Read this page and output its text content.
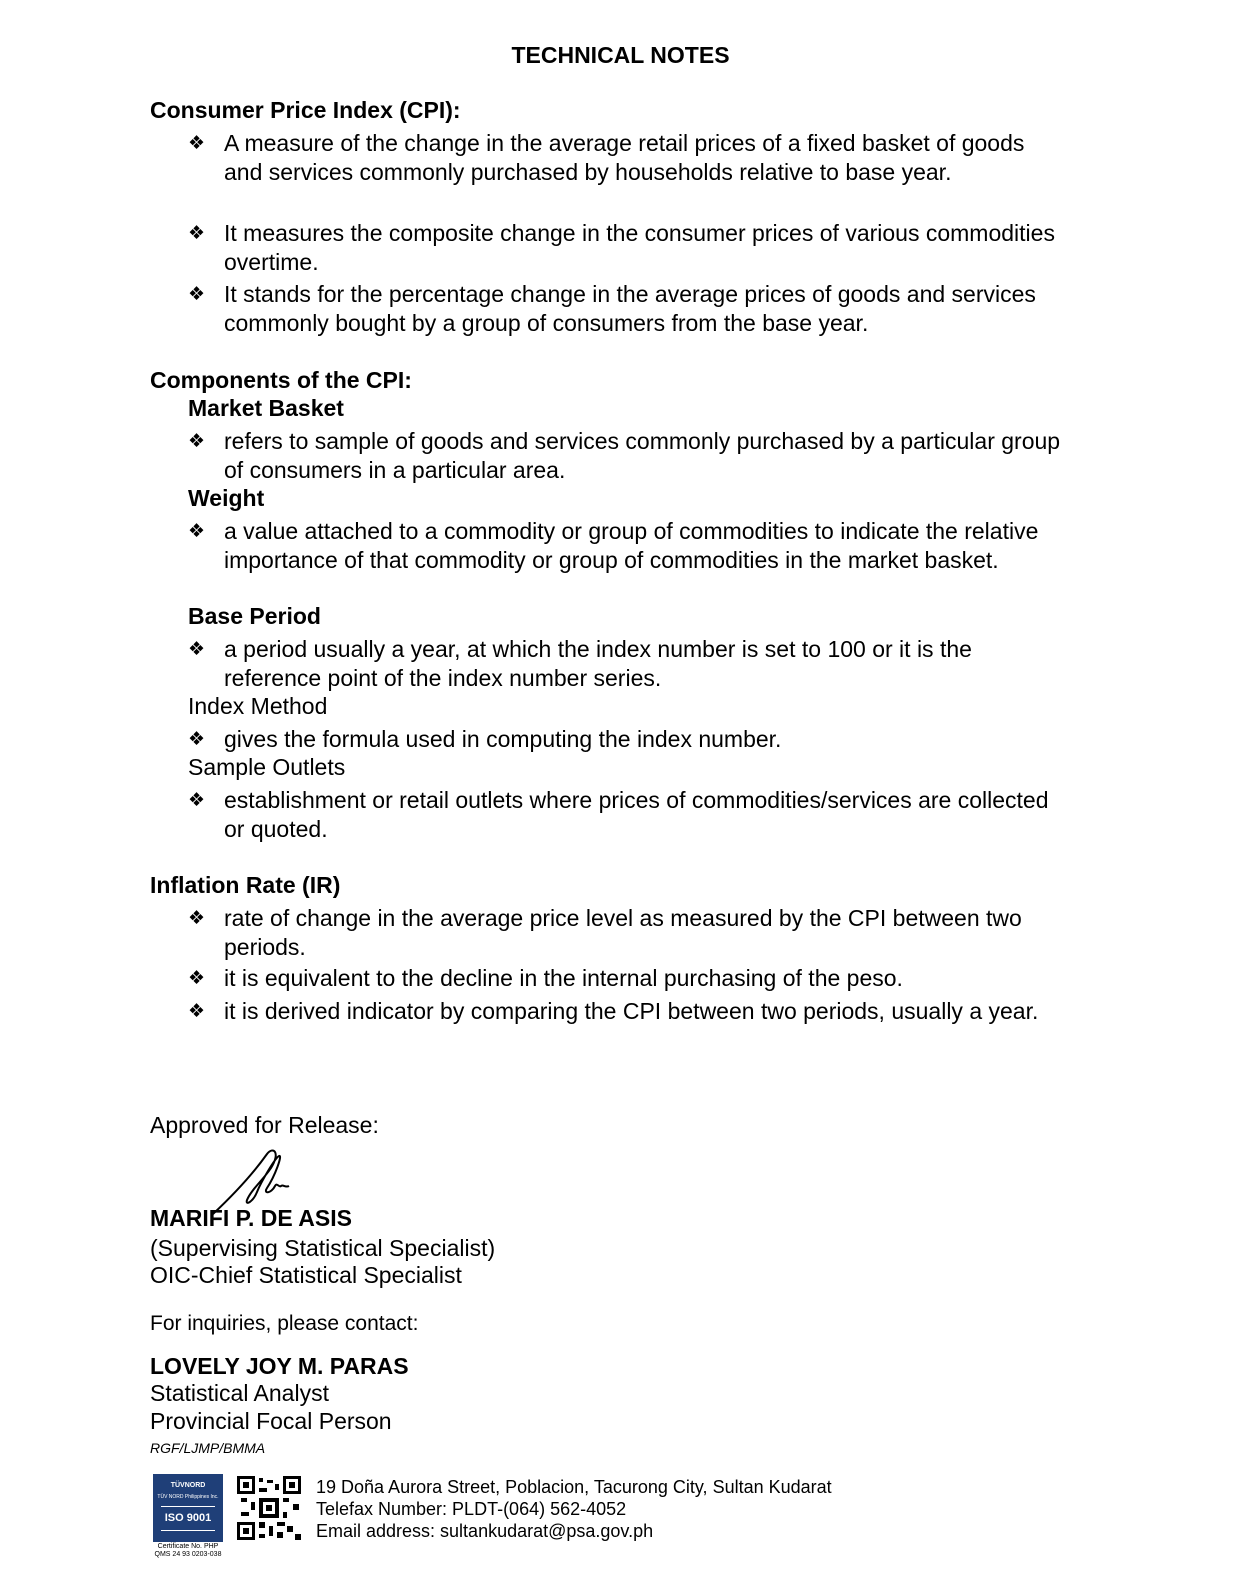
TECHNICAL NOTES
Consumer Price Index (CPI):
❖ A measure of the change in the average retail prices of a fixed basket of goods and services commonly purchased by households relative to base year.
❖ It measures the composite change in the consumer prices of various commodities overtime.
❖ It stands for the percentage change in the average prices of goods and services commonly bought by a group of consumers from the base year.
Components of the CPI:
Market Basket
❖ refers to sample of goods and services commonly purchased by a particular group of consumers in a particular area.
Weight
❖ a value attached to a commodity or group of commodities to indicate the relative importance of that commodity or group of commodities in the market basket.
Base Period
❖ a period usually a year, at which the index number is set to 100 or it is the reference point of the index number series.
Index Method
❖ gives the formula used in computing the index number.
Sample Outlets
❖ establishment or retail outlets where prices of commodities/services are collected or quoted.
Inflation Rate (IR)
❖ rate of change in the average price level as measured by the CPI between two periods.
❖ it is equivalent to the decline in the internal purchasing of the peso.
❖ it is derived indicator by comparing the CPI between two periods, usually a year.
Approved for Release:
MARIFI P. DE ASIS
(Supervising Statistical Specialist)
OIC-Chief Statistical Specialist
For inquiries, please contact:
LOVELY JOY M. PARAS
Statistical Analyst
Provincial Focal Person
RGF/LJMP/BMMA
TÜVNORD
TÜV NORD Philippines Inc.
ISO 9001
Certificate No. PHP
QMS 24 93 0203-038
19 Doña Aurora Street, Poblacion, Tacurong City, Sultan Kudarat
Telefax Number: PLDT-(064) 562-4052
Email address: sultankudarat@psa.gov.ph
